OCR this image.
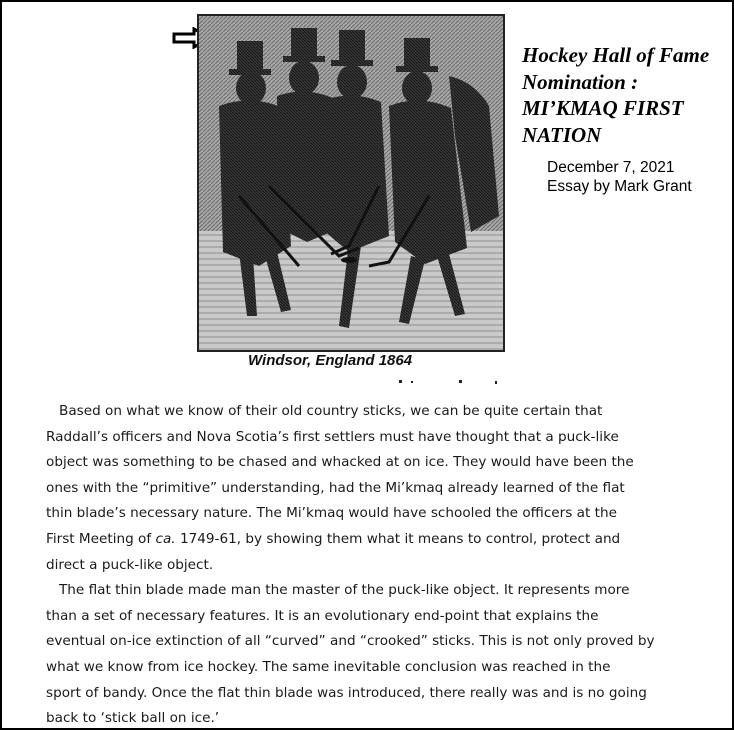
Windsor, England 1864
Hockey Hall of Fame
Nomination :
MI’KMAQ FIRST
NATION
December 7, 2021
Essay by Mark Grant
Based on what we know of their old country sticks, we can be quite certain that
Raddall’s officers and Nova Scotia’s first settlers must have thought that a puck-like
object was something to be chased and whacked at on ice. They would have been the
ones with the “primitive” understanding, had the Mi’kmaq already learned of the flat
thin blade’s necessary nature. The Mi’kmaq would have schooled the officers at the
First Meeting of ca. 1749-61, by showing them what it means to control, protect and
direct a puck-like object.
The flat thin blade made man the master of the puck-like object. It represents more
than a set of necessary features. It is an evolutionary end-point that explains the
eventual on-ice extinction of all “curved” and “crooked” sticks. This is not only proved by
what we know from ice hockey. The same inevitable conclusion was reached in the
sport of bandy. Once the flat thin blade was introduced, there really was and is no going
back to ‘stick ball on ice.’
